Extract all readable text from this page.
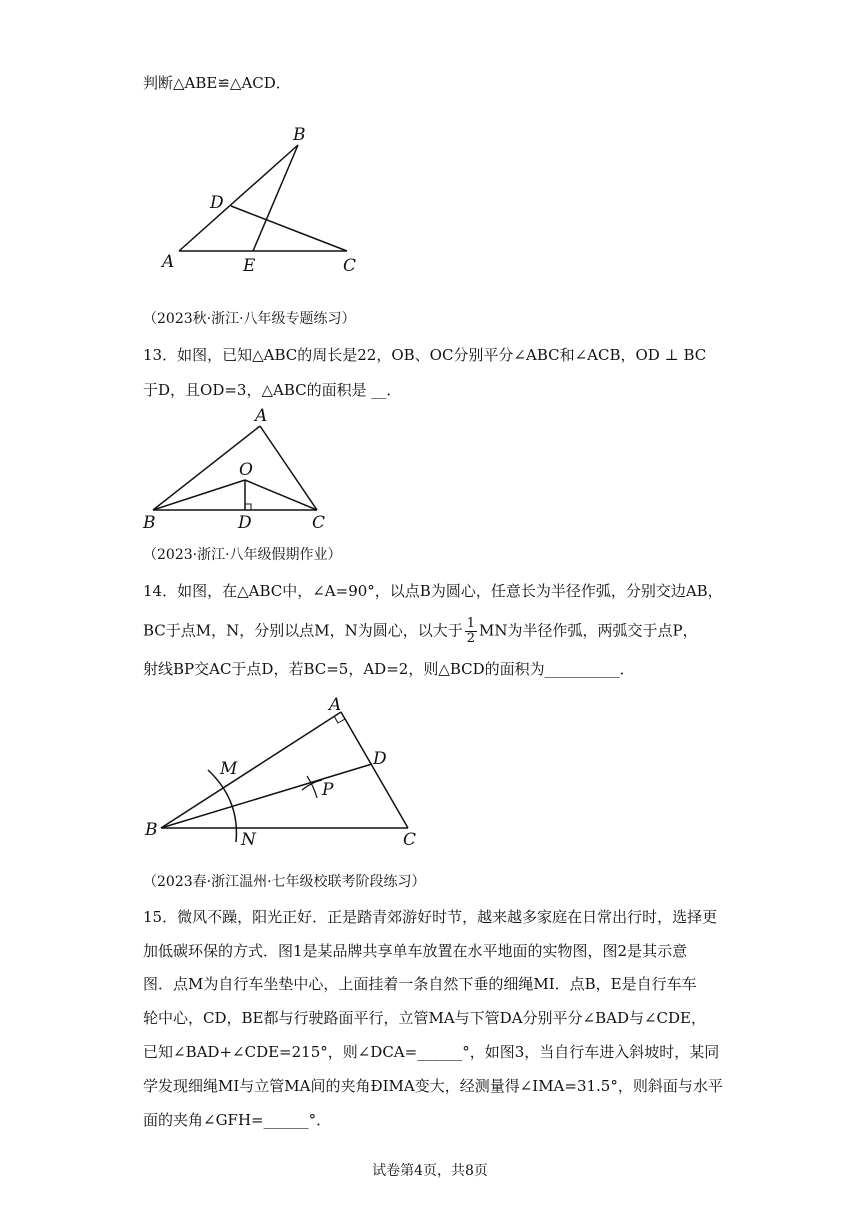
判断△ABE≌△ACD．
B
D
A	E	C
（2023秋·浙江·八年级专题练习）
13．如图，已知△ABC的周长是22，OB、OC分别平分∠ABC和∠ACB，OD ⊥ BC
于D，且OD=3，△ABC的面积是 __．
A
O
B	D	C
（2023·浙江·八年级假期作业）
14．如图，在△ABC中，∠A=90°，以点B为圆心，任意长为半径作弧，分别交边AB，
BC于点M，N，分别以点M，N为圆心，以大于 $\frac{1}{2}$ MN为半径作弧，两弧交于点P，
射线BP交AC于点D，若BC=5，AD=2，则△BCD的面积为__________．
A
D
M
P
B	N	C
（2023春·浙江温州·七年级校联考阶段练习）
15．微风不躁，阳光正好．正是踏青郊游好时节，越来越多家庭在日常出行时，选择更
加低碳环保的方式．图1是某品牌共享单车放置在水平地面的实物图，图2是其示意
图．点M为自行车坐垫中心，上面挂着一条自然下垂的细绳MI．点B，E是自行车车
轮中心，CD，BE都与行驶路面平行，立管MA与下管DA分别平分∠BAD与∠CDE，
已知∠BAD+∠CDE=215°，则∠DCA=______°，如图3，当自行车进入斜坡时，某同
学发现细绳MI与立管MA间的夹角ÐIMA变大，经测量得∠IMA=31.5°，则斜面与水平
面的夹角∠GFH=______°．
试卷第4页，共8页
